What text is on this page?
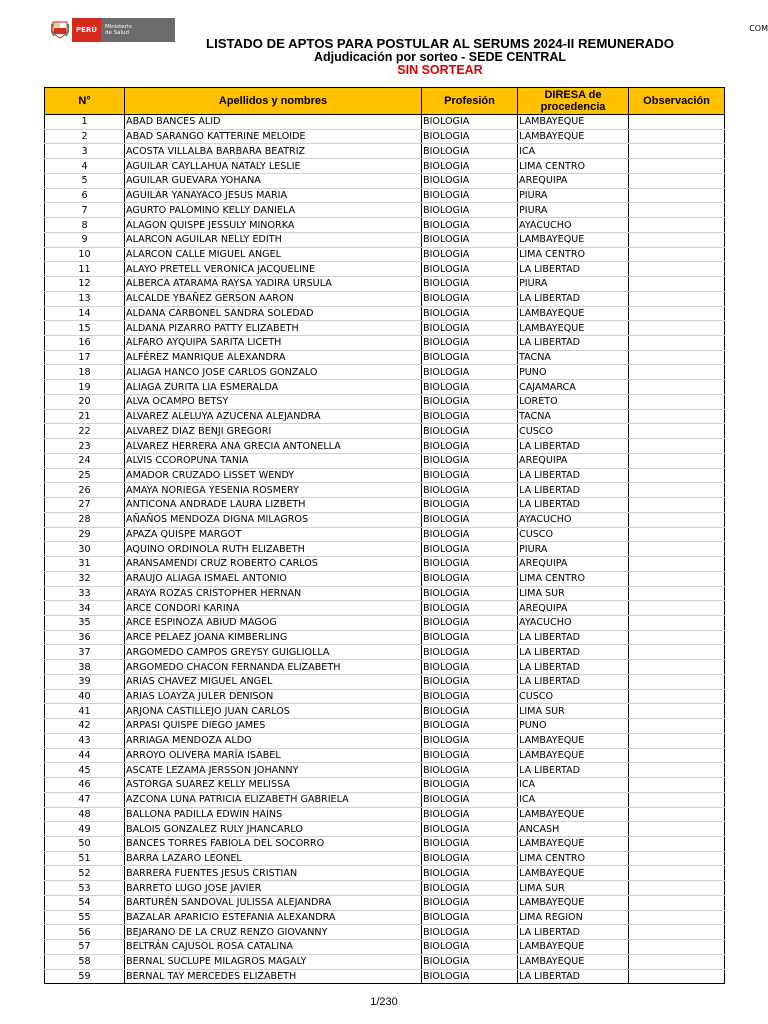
PERÚ	Ministerio
de Salud	COM
LISTADO DE APTOS PARA POSTULAR AL SERUMS 2024-II REMUNERADO
Adjudicación por sorteo - SEDE CENTRAL
SIN SORTEAR
N°	Apellidos y nombres	Profesión	DIRESA de procedencia	Observación
1	ABAD BANCES ALID	BIOLOGIA	LAMBAYEQUE	
2	ABAD SARANGO KATTERINE MELOIDE	BIOLOGIA	LAMBAYEQUE	
3	ACOSTA VILLALBA BARBARA BEATRIZ	BIOLOGIA	ICA	
4	AGUILAR CAYLLAHUA NATALY LESLIE	BIOLOGIA	LIMA CENTRO	
5	AGUILAR GUEVARA YOHANA	BIOLOGIA	AREQUIPA	
6	AGUILAR YANAYACO JESUS MARIA	BIOLOGIA	PIURA	
7	AGURTO PALOMINO KELLY DANIELA	BIOLOGIA	PIURA	
8	ALAGON QUISPE JESSULY MINORKA	BIOLOGIA	AYACUCHO	
9	ALARCON AGUILAR NELLY EDITH	BIOLOGIA	LAMBAYEQUE	
10	ALARCON CALLE MIGUEL ANGEL	BIOLOGIA	LIMA CENTRO	
11	ALAYO PRETELL VERONICA JACQUELINE	BIOLOGIA	LA LIBERTAD	
12	ALBERCA ATARAMA RAYSA YADIRA URSULA	BIOLOGIA	PIURA	
13	ALCALDE YBAÑEZ GERSON AARON	BIOLOGIA	LA LIBERTAD	
14	ALDANA CARBONEL SANDRA SOLEDAD	BIOLOGIA	LAMBAYEQUE	
15	ALDANA PIZARRO PATTY ELIZABETH	BIOLOGIA	LAMBAYEQUE	
16	ALFARO AYQUIPA SARITA LICETH	BIOLOGIA	LA LIBERTAD	
17	ALFÉREZ MANRIQUE ALEXANDRA	BIOLOGIA	TACNA	
18	ALIAGA HANCO JOSE CARLOS GONZALO	BIOLOGIA	PUNO	
19	ALIAGA ZURITA LIA ESMERALDA	BIOLOGIA	CAJAMARCA	
20	ALVA OCAMPO BETSY	BIOLOGIA	LORETO	
21	ALVAREZ ALELUYA AZUCENA ALEJANDRA	BIOLOGIA	TACNA	
22	ALVAREZ DIAZ BENJI GREGORI	BIOLOGIA	CUSCO	
23	ALVAREZ HERRERA ANA GRECIA ANTONELLA	BIOLOGIA	LA LIBERTAD	
24	ALVIS CCOROPUNA TANIA	BIOLOGIA	AREQUIPA	
25	AMADOR CRUZADO LISSET WENDY	BIOLOGIA	LA LIBERTAD	
26	AMAYA NORIEGA YESENIA ROSMERY	BIOLOGIA	LA LIBERTAD	
27	ANTICONA ANDRADE LAURA LIZBETH	BIOLOGIA	LA LIBERTAD	
28	AÑAÑOS MENDOZA DIGNA MILAGROS	BIOLOGIA	AYACUCHO	
29	APAZA QUISPE MARGOT	BIOLOGIA	CUSCO	
30	AQUINO ORDINOLA RUTH ELIZABETH	BIOLOGIA	PIURA	
31	ARANSAMENDI CRUZ ROBERTO CARLOS	BIOLOGIA	AREQUIPA	
32	ARAUJO ALIAGA ISMAEL ANTONIO	BIOLOGIA	LIMA CENTRO	
33	ARAYA ROZAS CRISTOPHER HERNAN	BIOLOGIA	LIMA SUR	
34	ARCE CONDORI KARINA	BIOLOGIA	AREQUIPA	
35	ARCE ESPINOZA ABIUD MAGOG	BIOLOGIA	AYACUCHO	
36	ARCE PELAEZ JOANA KIMBERLING	BIOLOGIA	LA LIBERTAD	
37	ARGOMEDO CAMPOS GREYSY GUIGLIOLLA	BIOLOGIA	LA LIBERTAD	
38	ARGOMEDO CHACON FERNANDA ELIZABETH	BIOLOGIA	LA LIBERTAD	
39	ARIAS CHAVEZ MIGUEL ANGEL	BIOLOGIA	LA LIBERTAD	
40	ARIAS LOAYZA JULER DENISON	BIOLOGIA	CUSCO	
41	ARJONA CASTILLEJO JUAN CARLOS	BIOLOGIA	LIMA SUR	
42	ARPASI QUISPE DIEGO JAMES	BIOLOGIA	PUNO	
43	ARRIAGA MENDOZA ALDO	BIOLOGIA	LAMBAYEQUE	
44	ARROYO OLIVERA MARÍA ISABEL	BIOLOGIA	LAMBAYEQUE	
45	ASCATE LEZAMA JERSSON JOHANNY	BIOLOGIA	LA LIBERTAD	
46	ASTORGA SUAREZ KELLY MELISSA	BIOLOGIA	ICA	
47	AZCONA LUNA PATRICIA ELIZABETH GABRIELA	BIOLOGIA	ICA	
48	BALLONA PADILLA EDWIN HAINS	BIOLOGIA	LAMBAYEQUE	
49	BALOIS GONZALEZ RULY JHANCARLO	BIOLOGIA	ANCASH	
50	BANCES TORRES FABIOLA DEL SOCORRO	BIOLOGIA	LAMBAYEQUE	
51	BARRA LAZARO LEONEL	BIOLOGIA	LIMA CENTRO	
52	BARRERA FUENTES JESUS CRISTIAN	BIOLOGIA	LAMBAYEQUE	
53	BARRETO LUGO JOSE JAVIER	BIOLOGIA	LIMA SUR	
54	BARTURÉN SANDOVAL JULISSA ALEJANDRA	BIOLOGIA	LAMBAYEQUE	
55	BAZALAR APARICIO ESTEFANIA ALEXANDRA	BIOLOGIA	LIMA REGION	
56	BEJARANO DE LA CRUZ RENZO GIOVANNY	BIOLOGIA	LA LIBERTAD	
57	BELTRÁN CAJUSOL ROSA CATALINA	BIOLOGIA	LAMBAYEQUE	
58	BERNAL SUCLUPE MILAGROS MAGALY	BIOLOGIA	LAMBAYEQUE	
59	BERNAL TAY MERCEDES ELIZABETH	BIOLOGIA	LA LIBERTAD	
1/230
